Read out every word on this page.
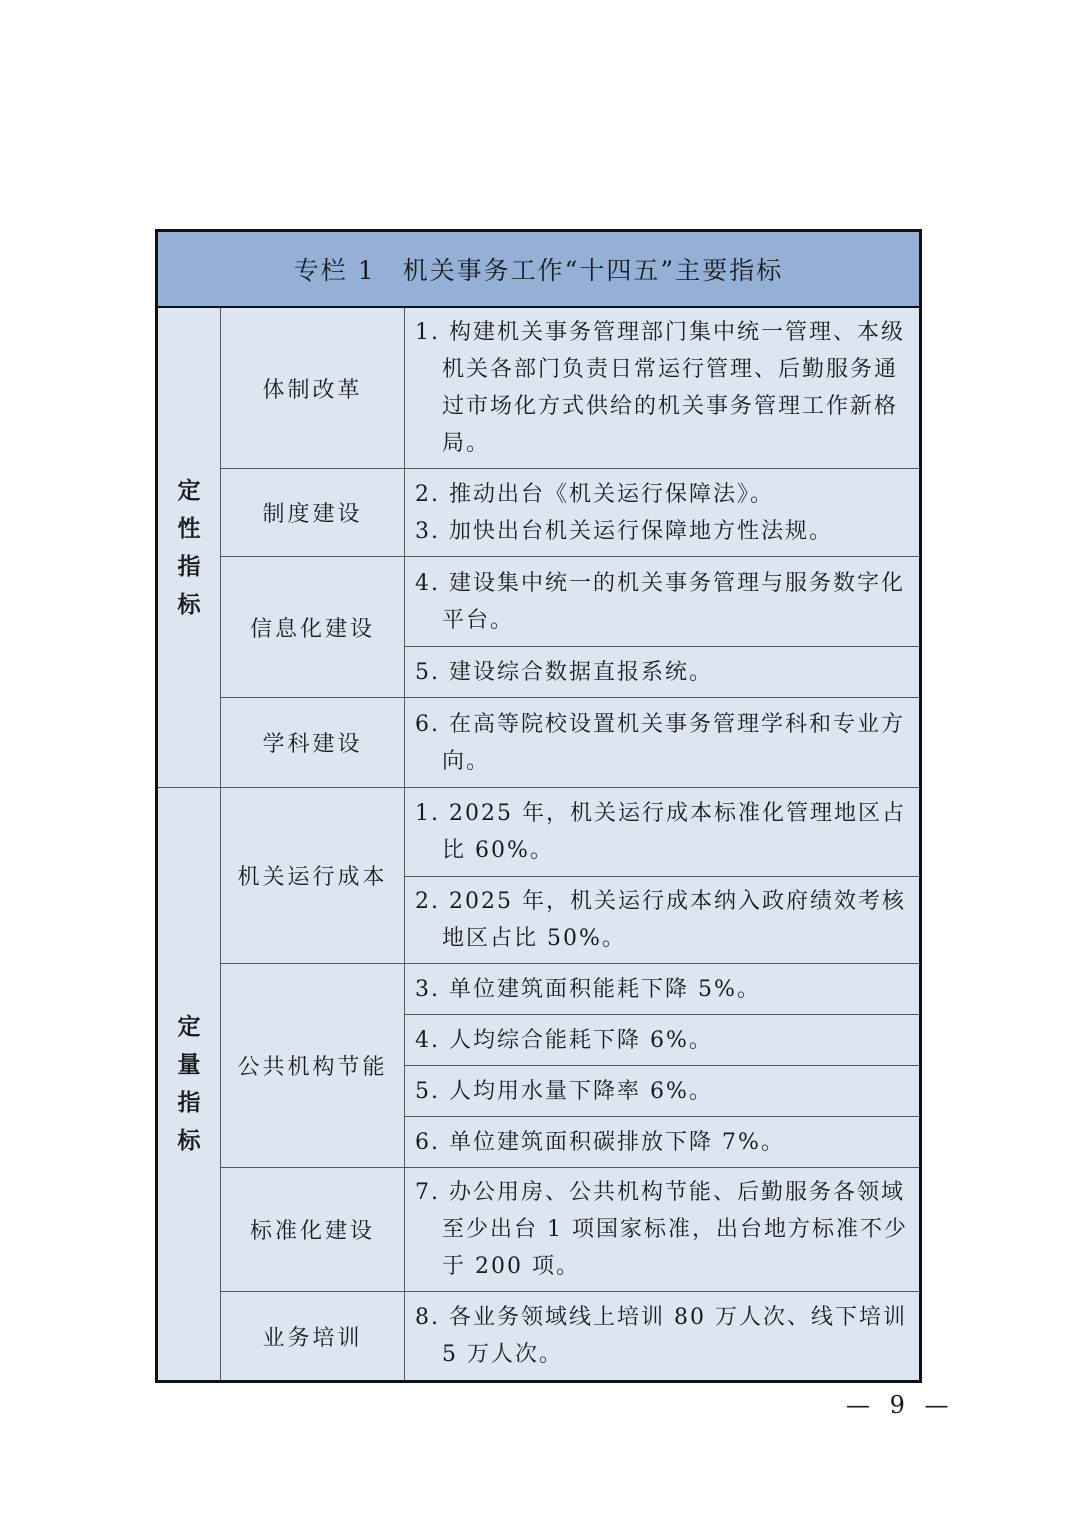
专栏 1　机关事务工作“十四五”主要指标		
定性指标	体制改革	1. 构建机关事务管理部门集中统一管理、本级机关各部门负责日常运行管理、后勤服务通过市场化方式供给的机关事务管理工作新格局。

	制度建设	2. 推动出台《机关运行保障法》。
3. 加快出台机关运行保障地方性法规。

	信息化建设	4. 建设集中统一的机关事务管理与服务数字化平台。

		5. 建设综合数据直报系统。

	学科建设	6. 在高等院校设置机关事务管理学科和专业方向。

定量指标	机关运行成本	1. 2025 年，机关运行成本标准化管理地区占比 60%。

		2. 2025 年，机关运行成本纳入政府绩效考核地区占比 50%。

	公共机构节能	3. 单位建筑面积能耗下降 5%。

		4. 人均综合能耗下降 6%。

		5. 人均用水量下降率 6%。

		6. 单位建筑面积碳排放下降 7%。

	标准化建设	7. 办公用房、公共机构节能、后勤服务各领域至少出台 1 项国家标准，出台地方标准不少于 200 项。

	业务培训	8. 各业务领域线上培训 80 万人次、线下培训 5 万人次。
— 9 —
